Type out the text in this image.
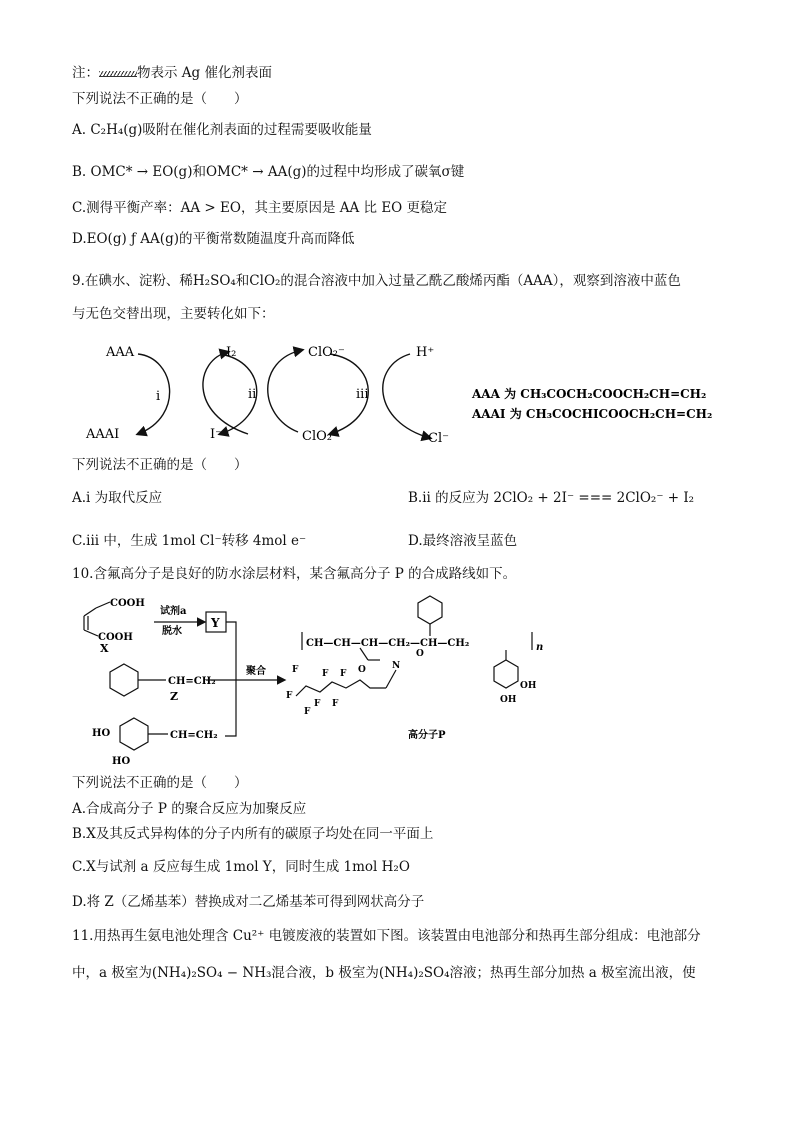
注：	物表示 Ag 催化剂表面
下列说法不正确的是（　　）
A. C₂H₄(g)吸附在催化剂表面的过程需要吸收能量
B. OMC* → EO(g)和OMC* → AA(g)的过程中均形成了碳氧σ键
C.测得平衡产率：AA > EO，其主要原因是 AA 比 EO 更稳定
D.EO(g) ƒ AA(g)的平衡常数随温度升高而降低
9.在碘水、淀粉、稀H₂SO₄和ClO₂的混合溶液中加入过量乙酰乙酸烯丙酯（AAA），观察到溶液中蓝色
与无色交替出现，主要转化如下：
AAA
AAAI
i
I₂
I⁻
ii
ClO₂⁻
ClO₂
iii
H⁺
Cl⁻
AAA 为 CH₃COCH₂COOCH₂CH=CH₂
AAAI 为 CH₃COCHICOOCH₂CH=CH₂
下列说法不正确的是（　　）
A.i 为取代反应	B.ii 的反应为 2ClO₂ + 2I⁻ === 2ClO₂⁻ + I₂
C.iii 中，生成 1mol Cl⁻转移 4mol e⁻	D.最终溶液呈蓝色
10.含氟高分子是良好的防水涂层材料，某含氟高分子 P 的合成路线如下。
COOH
COOH
X
试剂a
脱水
Y
CH=CH₂
Z
聚合
CH=CH₂
HO
HO
CH—CH—CH—CH₂—CH—CH₂	n
O	N
O
F F
F F
F
F
F
OH
OH
高分子P
下列说法不正确的是（　　）
A.合成高分子 P 的聚合反应为加聚反应
B.X及其反式异构体的分子内所有的碳原子均处在同一平面上
C.X与试剂 a 反应每生成 1mol Y，同时生成 1mol H₂O
D.将 Z（乙烯基苯）替换成对二乙烯基苯可得到网状高分子
11.用热再生氨电池处理含 Cu²⁺ 电镀废液的装置如下图。该装置由电池部分和热再生部分组成：电池部分
中，a 极室为(NH₄)₂SO₄ − NH₃混合液，b 极室为(NH₄)₂SO₄溶液；热再生部分加热 a 极室流出液，使
